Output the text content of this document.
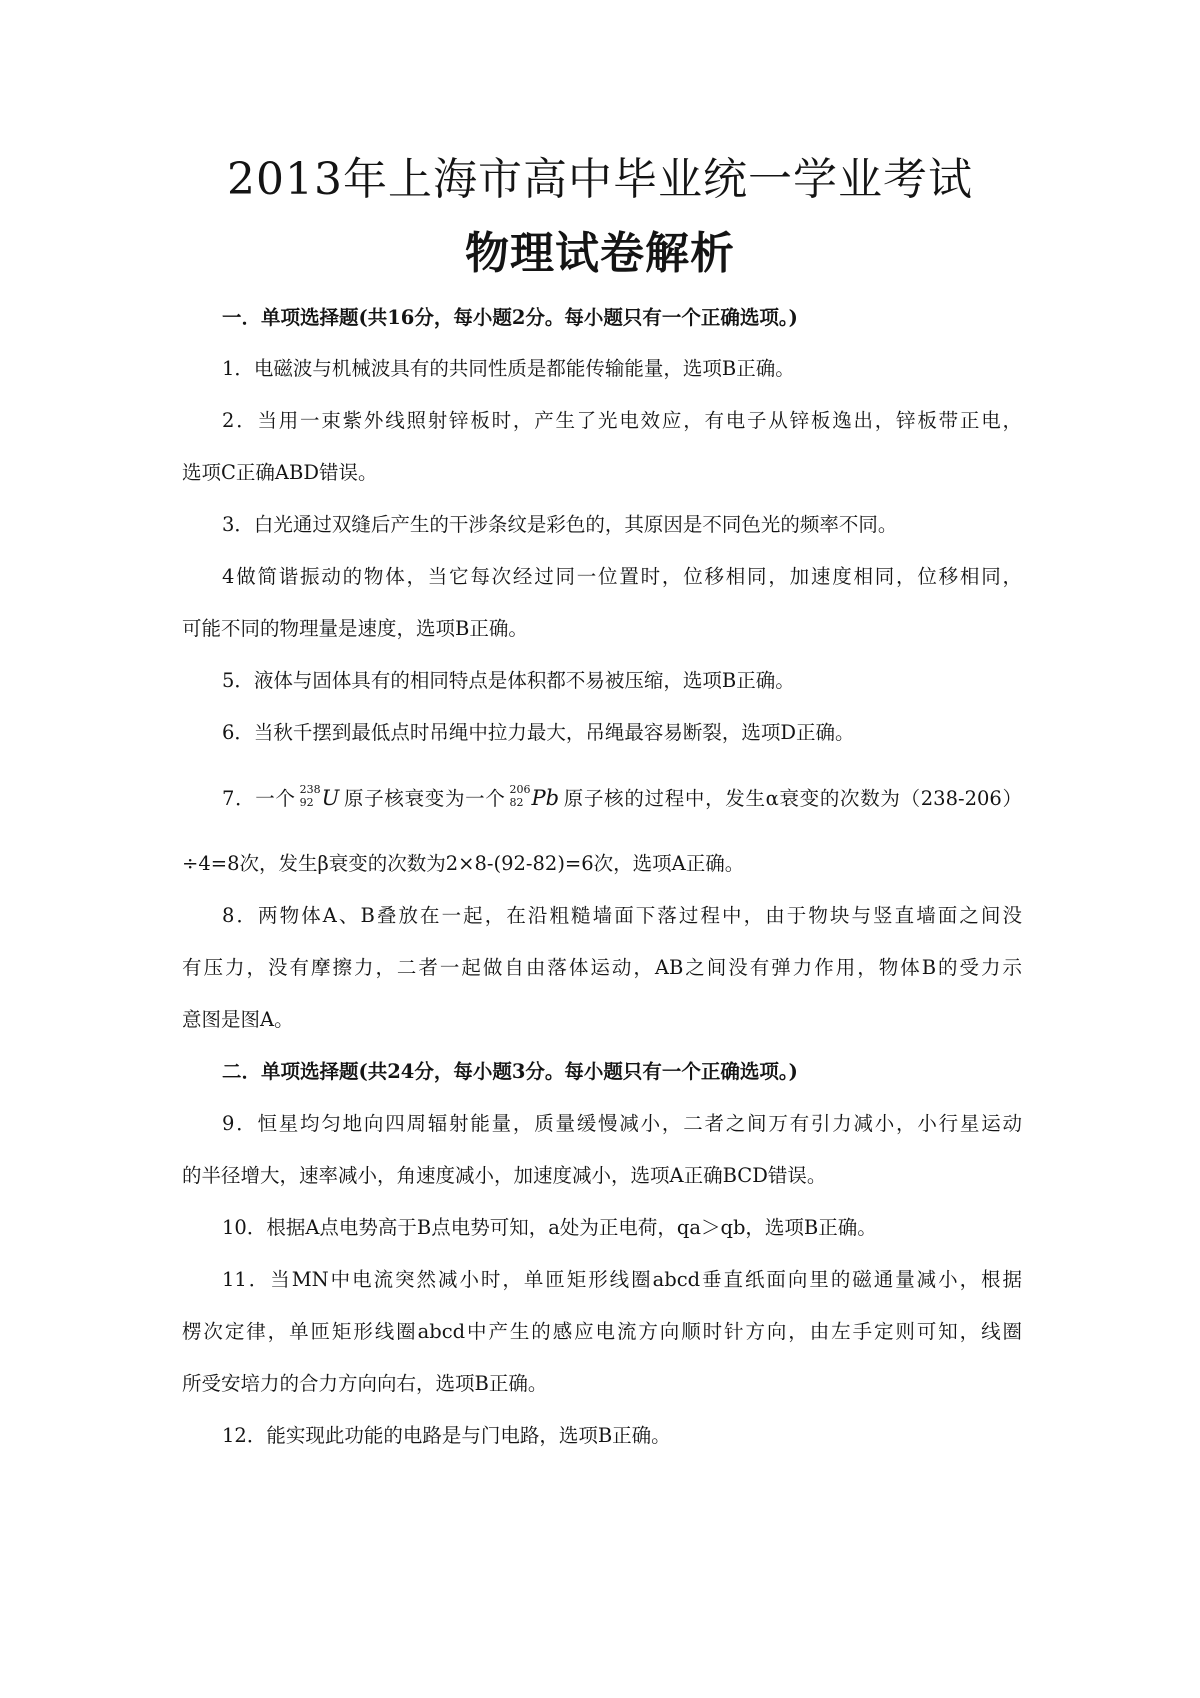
2013年上海市高中毕业统一学业考试
物理试卷解析

一．单项选择题(共16分，每小题2分。每小题只有一个正确选项。)

1．电磁波与机械波具有的共同性质是都能传输能量，选项B正确。

2．当用一束紫外线照射锌板时，产生了光电效应，有电子从锌板逸出，锌板带正电，

选项C正确ABD错误。

3．白光通过双缝后产生的干涉条纹是彩色的，其原因是不同色光的频率不同。

4做简谐振动的物体，当它每次经过同一位置时，位移相同，加速度相同，位移相同，

可能不同的物理量是速度，选项B正确。

5．液体与固体具有的相同特点是体积都不易被压缩，选项B正确。

6．当秋千摆到最低点时吊绳中拉力最大，吊绳最容易断裂，选项D正确。

7．一个 238
92 U 原子核衰变为一个 206
82 Pb 原子核的过程中，发生α衰变的次数为（238-206）

÷4=8次，发生β衰变的次数为2×8-(92-82)=6次，选项A正确。

8．两物体A、B叠放在一起，在沿粗糙墙面下落过程中，由于物块与竖直墙面之间没

有压力，没有摩擦力，二者一起做自由落体运动，AB之间没有弹力作用，物体B的受力示

意图是图A。

二．单项选择题(共24分，每小题3分。每小题只有一个正确选项。)

9．恒星均匀地向四周辐射能量，质量缓慢减小，二者之间万有引力减小，小行星运动

的半径增大，速率减小，角速度减小，加速度减小，选项A正确BCD错误。

10．根据A点电势高于B点电势可知，a处为正电荷，qa＞qb，选项B正确。

11．当MN中电流突然减小时，单匝矩形线圈abcd垂直纸面向里的磁通量减小，根据

楞次定律，单匝矩形线圈abcd中产生的感应电流方向顺时针方向，由左手定则可知，线圈

所受安培力的合力方向向右，选项B正确。

12．能实现此功能的电路是与门电路，选项B正确。
